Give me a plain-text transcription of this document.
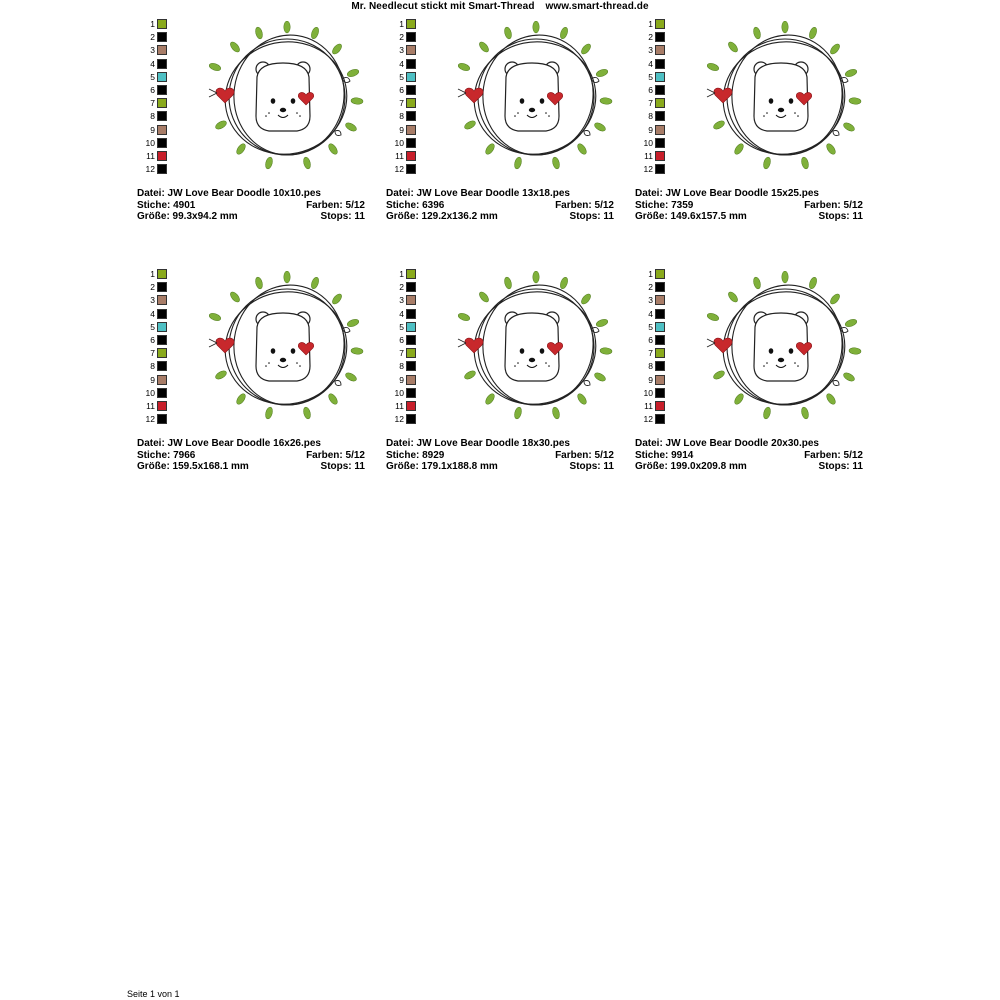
Mr. Needlecut stickt mit Smart-Thread www.smart-thread.de
1
2
3
4
5
6
7
8
9
10
11
12
Datei: JW Love Bear Doodle 10x10.pes
Stiche: 4901	Farben: 5/12
Größe: 99.3x94.2 mm	Stops: 11
1
2
3
4
5
6
7
8
9
10
11
12
Datei: JW Love Bear Doodle 13x18.pes
Stiche: 6396	Farben: 5/12
Größe: 129.2x136.2 mm	Stops: 11
1
2
3
4
5
6
7
8
9
10
11
12
Datei: JW Love Bear Doodle 15x25.pes
Stiche: 7359	Farben: 5/12
Größe: 149.6x157.5 mm	Stops: 11
1
2
3
4
5
6
7
8
9
10
11
12
Datei: JW Love Bear Doodle 16x26.pes
Stiche: 7966	Farben: 5/12
Größe: 159.5x168.1 mm	Stops: 11
1
2
3
4
5
6
7
8
9
10
11
12
Datei: JW Love Bear Doodle 18x30.pes
Stiche: 8929	Farben: 5/12
Größe: 179.1x188.8 mm	Stops: 11
1
2
3
4
5
6
7
8
9
10
11
12
Datei: JW Love Bear Doodle 20x30.pes
Stiche: 9914	Farben: 5/12
Größe: 199.0x209.8 mm	Stops: 11
Seite 1 von 1
